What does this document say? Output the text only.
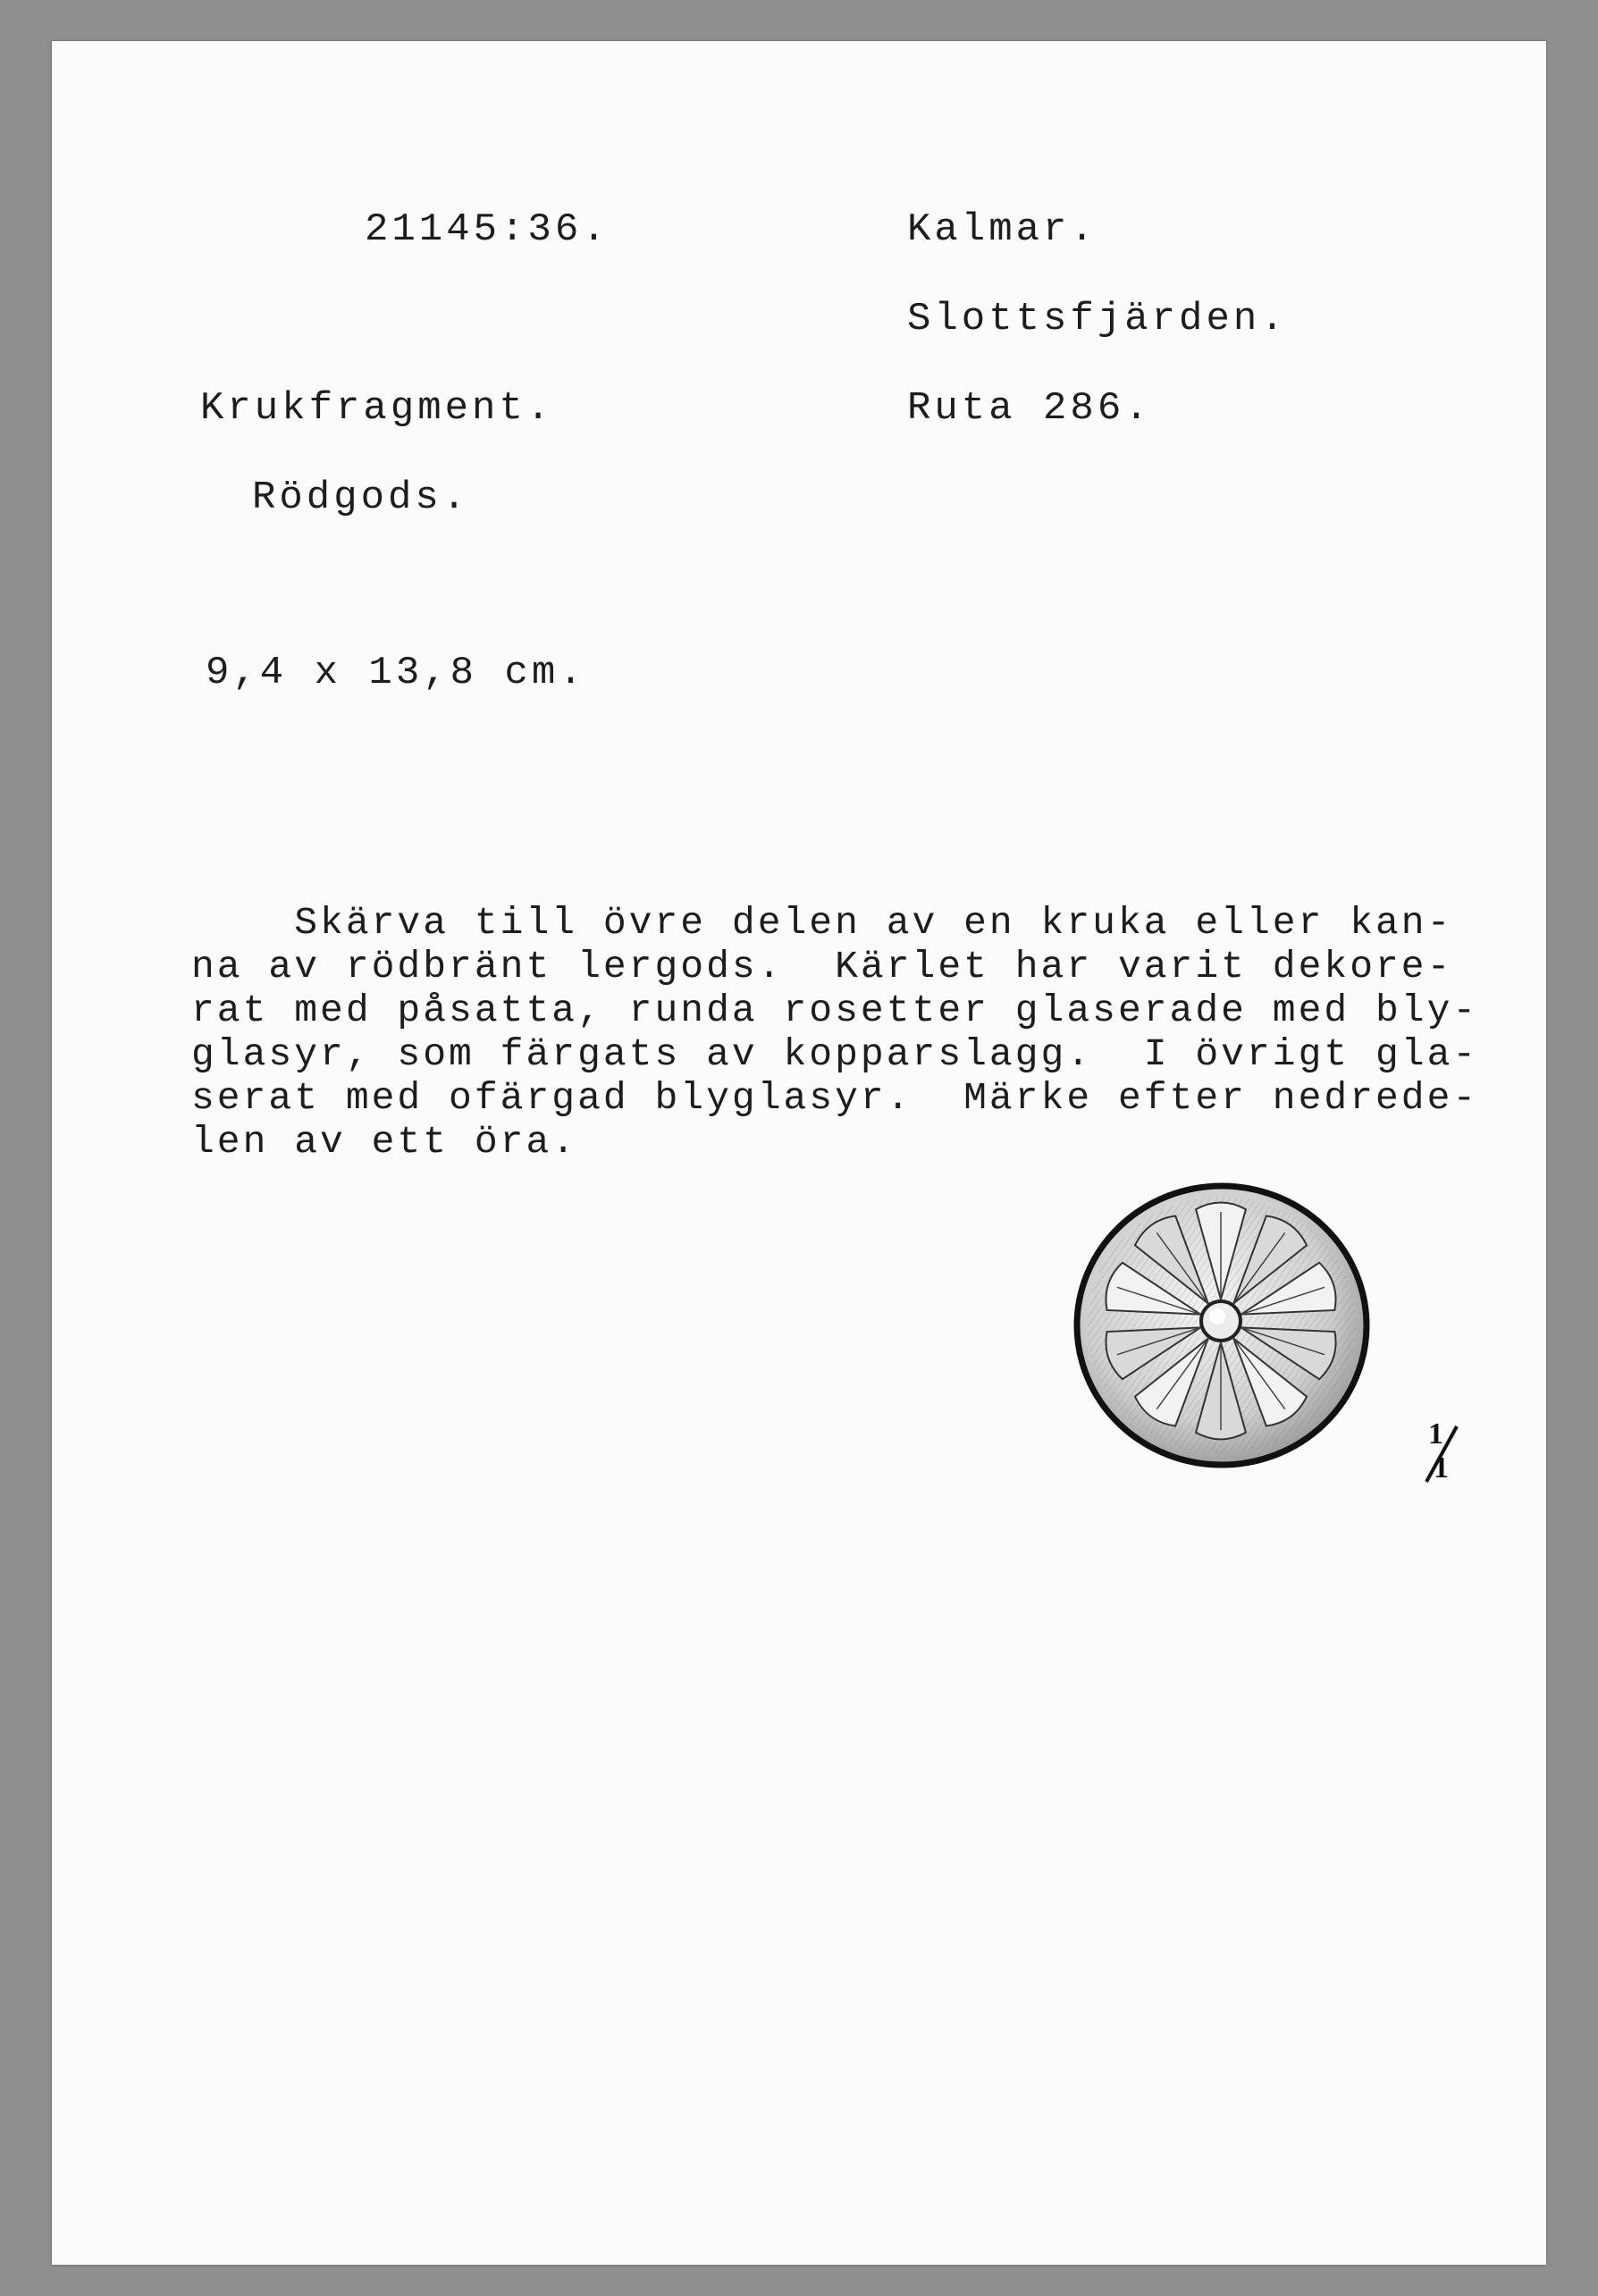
21145:36.	Kalmar.
Slottsfjärden.
Krukfragment.	Ruta 286.
Rödgods.
9,4 x 13,8 cm.
Skärva till övre delen av en kruka eller kan-
na av rödbränt lergods.  Kärlet har varit dekore-
rat med påsatta, runda rosetter glaserade med bly-
glasyr, som färgats av kopparslagg.  I övrigt gla-
serat med ofärgad blyglasyr.  Märke efter nedrede-
len av ett öra.
1
1
